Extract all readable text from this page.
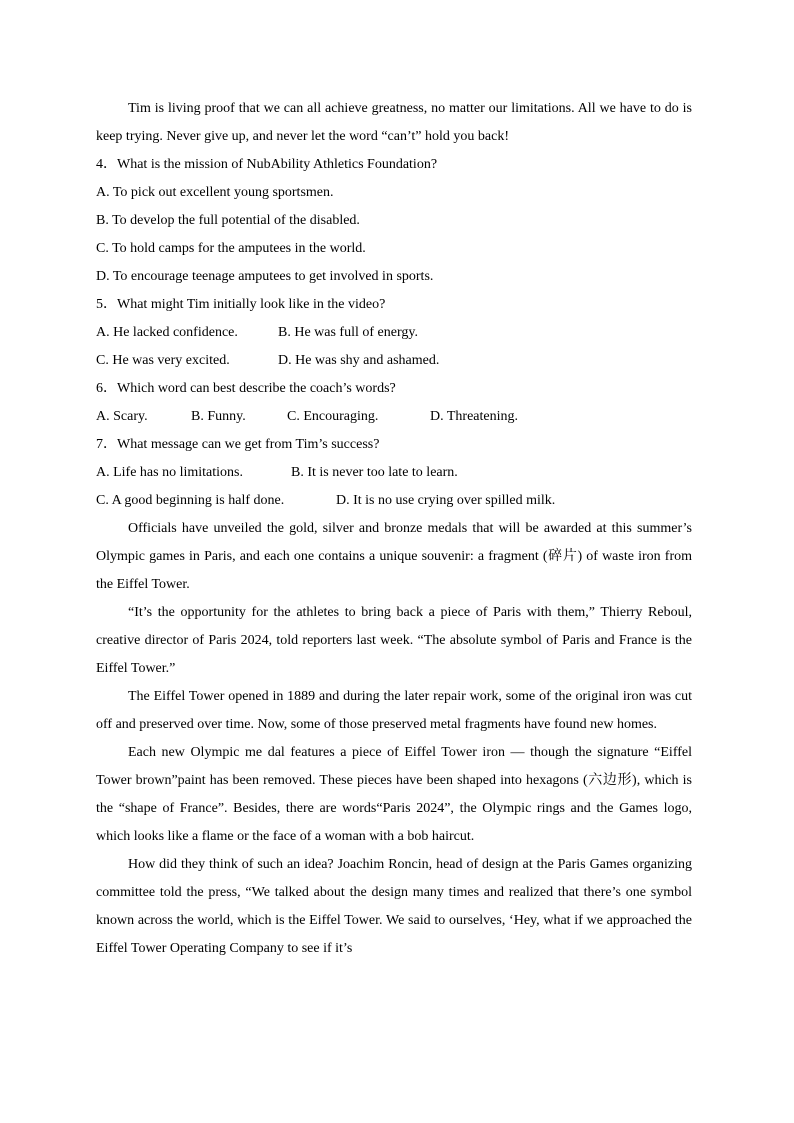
Tim is living proof that we can all achieve greatness, no matter our limitations. All we have to do is keep trying. Never give up, and never let the word “can’t” hold you back!

4．What is the mission of NubAbility Athletics Foundation?

A. To pick out excellent young sportsmen.
B. To develop the full potential of the disabled.
C. To hold camps for the amputees in the world.
D. To encourage teenage amputees to get involved in sports.

5．What might Tim initially look like in the video?

A. He lacked confidence.	B. He was full of energy.
C. He was very excited.	D. He was shy and ashamed.

6．Which word can best describe the coach’s words?

A. Scary.	B. Funny.	C. Encouraging.	D. Threatening.

7．What message can we get from Tim’s success?

A. Life has no limitations.	B. It is never too late to learn.
C. A good beginning is half done.	D. It is no use crying over spilled milk.

Officials have unveiled the gold, silver and bronze medals that will be awarded at this summer’s Olympic games in Paris, and each one contains a unique souvenir: a fragment (碎片) of waste iron from the Eiffel Tower.

“It’s the opportunity for the athletes to bring back a piece of Paris with them,” Thierry Reboul, creative director of Paris 2024, told reporters last week. “The absolute symbol of Paris and France is the Eiffel Tower.”

The Eiffel Tower opened in 1889 and during the later repair work, some of the original iron was cut off and preserved over time. Now, some of those preserved metal fragments have found new homes.

Each new Olympic me dal features a piece of Eiffel Tower iron — though the signature “Eiffel Tower brown”paint has been removed. These pieces have been shaped into hexagons (六边形), which is the “shape of France”. Besides, there are words“Paris 2024”, the Olympic rings and the Games logo, which looks like a flame or the face of a woman with a bob haircut.

How did they think of such an idea? Joachim Roncin, head of design at the Paris Games organizing committee told the press, “We talked about the design many times and realized that there’s one symbol known across the world, which is the Eiffel Tower. We said to ourselves, ‘Hey, what if we approached the Eiffel Tower Operating Company to see if it’s
